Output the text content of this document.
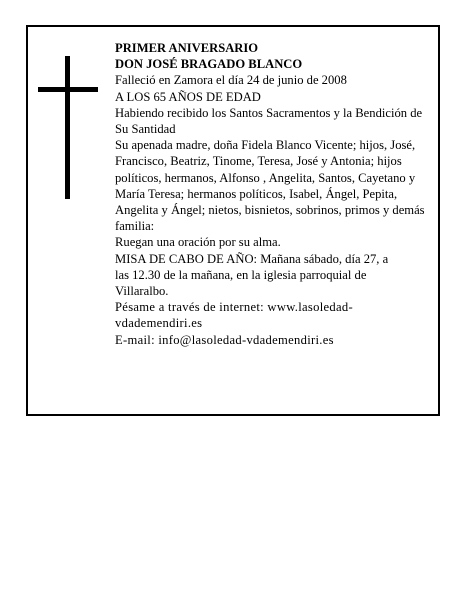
PRIMER ANIVERSARIO

DON JOSÉ BRAGADO BLANCO

Falleció en Zamora el día 24 de junio de 2008

A LOS 65 AÑOS DE EDAD

Habiendo recibido los Santos Sacramentos y la Bendición de Su Santidad

Su apenada madre, doña Fidela Blanco Vicente; hijos, José, Francisco, Beatriz, Tinome, Teresa, José y Antonia; hijos políticos, hermanos, Alfonso , Angelita, Santos, Cayetano y María Teresa; hermanos políticos, Isabel, Ángel, Pepita, Angelita y Ángel; nietos, bisnietos, sobrinos, primos y demás familia:

Ruegan una oración por su alma.

MISA DE CABO DE AÑO: Mañana sábado, día 27, a

las 12.30 de la mañana, en la iglesia parroquial de

Villaralbo.

Pésame a través de internet: www.lasoledad-

vdademendiri.es

E-mail: info@lasoledad-vdademendiri.es
